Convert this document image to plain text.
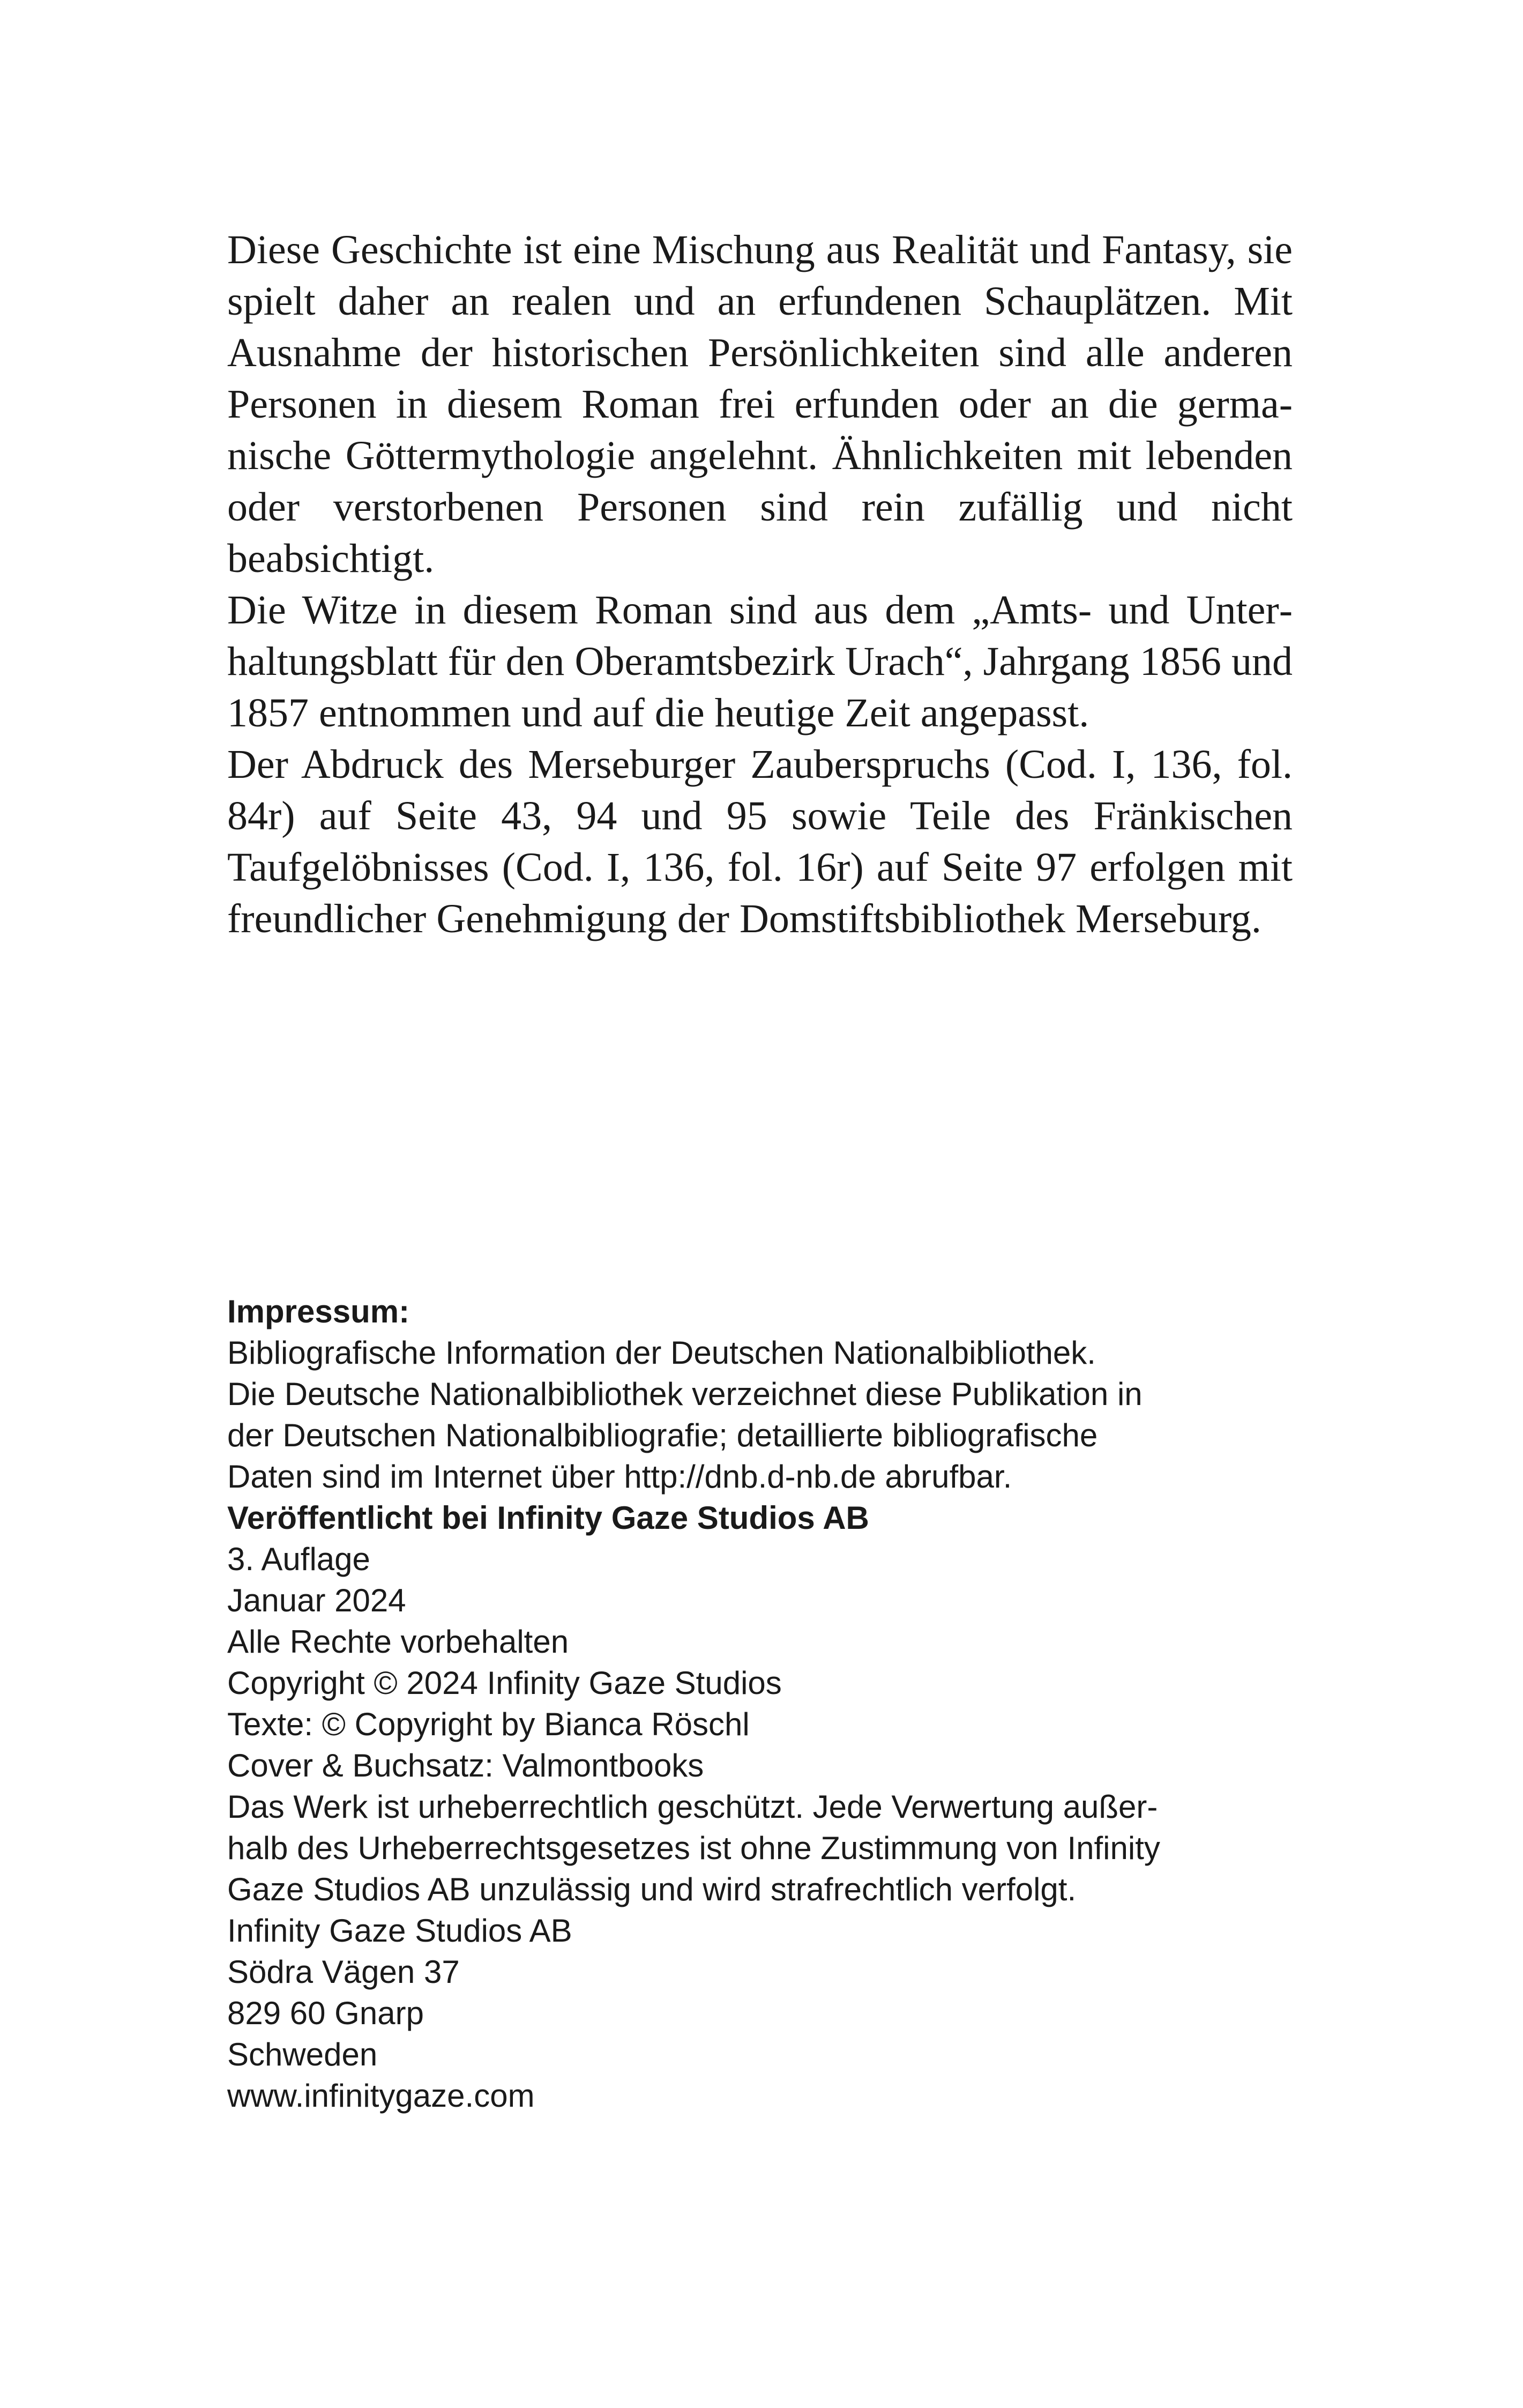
Diese Geschichte ist eine Mischung aus Realität und Fantasy, sie spielt daher an realen und an erfundenen Schauplätzen. Mit Ausnahme der historischen Persönlichkeiten sind alle anderen Personen in diesem Roman frei erfunden oder an die germanische Göttermythologie angelehnt. Ähnlichkeiten mit lebenden oder verstorbenen Personen sind rein zufällig und nicht beabsichtigt.

Die Witze in diesem Roman sind aus dem „Amts- und Unterhaltungsblatt für den Oberamtsbezirk Urach“, Jahrgang 1856 und 1857 entnommen und auf die heutige Zeit angepasst.

Der Abdruck des Merseburger Zauberspruchs (Cod. I, 136, fol. 84r) auf Seite 43, 94 und 95 sowie Teile des Fränkischen Taufgelöbnisses (Cod. I, 136, fol. 16r) auf Seite 97 erfolgen mit freundlicher Genehmigung der Domstiftsbibliothek Merseburg.

Impressum:
Bibliografische Information der Deutschen Nationalbibliothek.
Die Deutsche Nationalbibliothek verzeichnet diese Publikation in
der Deutschen Nationalbibliografie; detaillierte bibliografische
Daten sind im Internet über http://dnb.d-nb.de abrufbar.
Veröffentlicht bei Infinity Gaze Studios AB
3. Auflage
Januar 2024
Alle Rechte vorbehalten
Copyright © 2024 Infinity Gaze Studios
Texte: © Copyright by Bianca Röschl
Cover & Buchsatz: Valmontbooks
Das Werk ist urheberrechtlich geschützt. Jede Verwertung außer-
halb des Urheberrechtsgesetzes ist ohne Zustimmung von Infinity
Gaze Studios AB unzulässig und wird strafrechtlich verfolgt.
Infinity Gaze Studios AB
Södra Vägen 37
829 60 Gnarp
Schweden
www.infinitygaze.com
